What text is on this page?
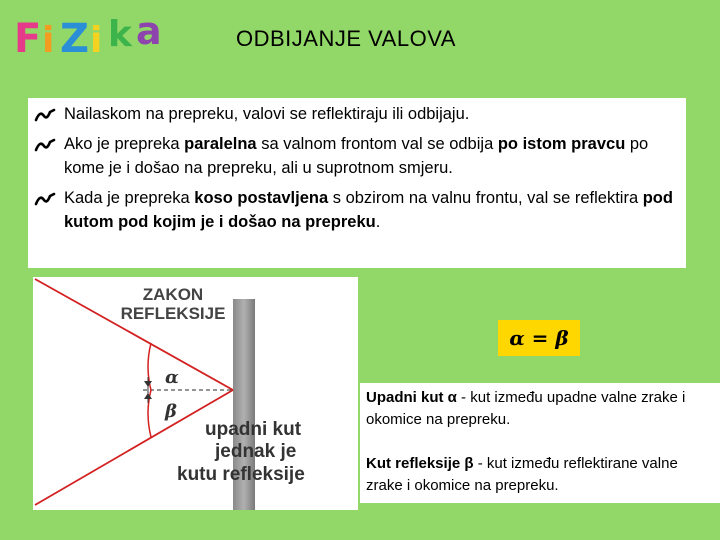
F i Z i k a	ODBIJANJE VALOVA
Nailaskom na prepreku, valovi se reflektiraju ili odbijaju.
Ako je prepreka paralelna sa valnom frontom val se odbija po istom pravcu po kome je i došao na prepreku, ali u suprotnom smjeru.
Kada je prepreka koso postavljena s obzirom na valnu frontu, val se reflektira pod kutom pod kojim je i došao na prepreku.
ZAKON
REFLEKSIJE
α
β
upadni kut
jednak je
kutu refleksije
α = β
Upadni kut α - kut između upadne valne zrake i okomice na prepreku.
Kut refleksije β - kut između reflektirane valne zrake i okomice na prepreku.
